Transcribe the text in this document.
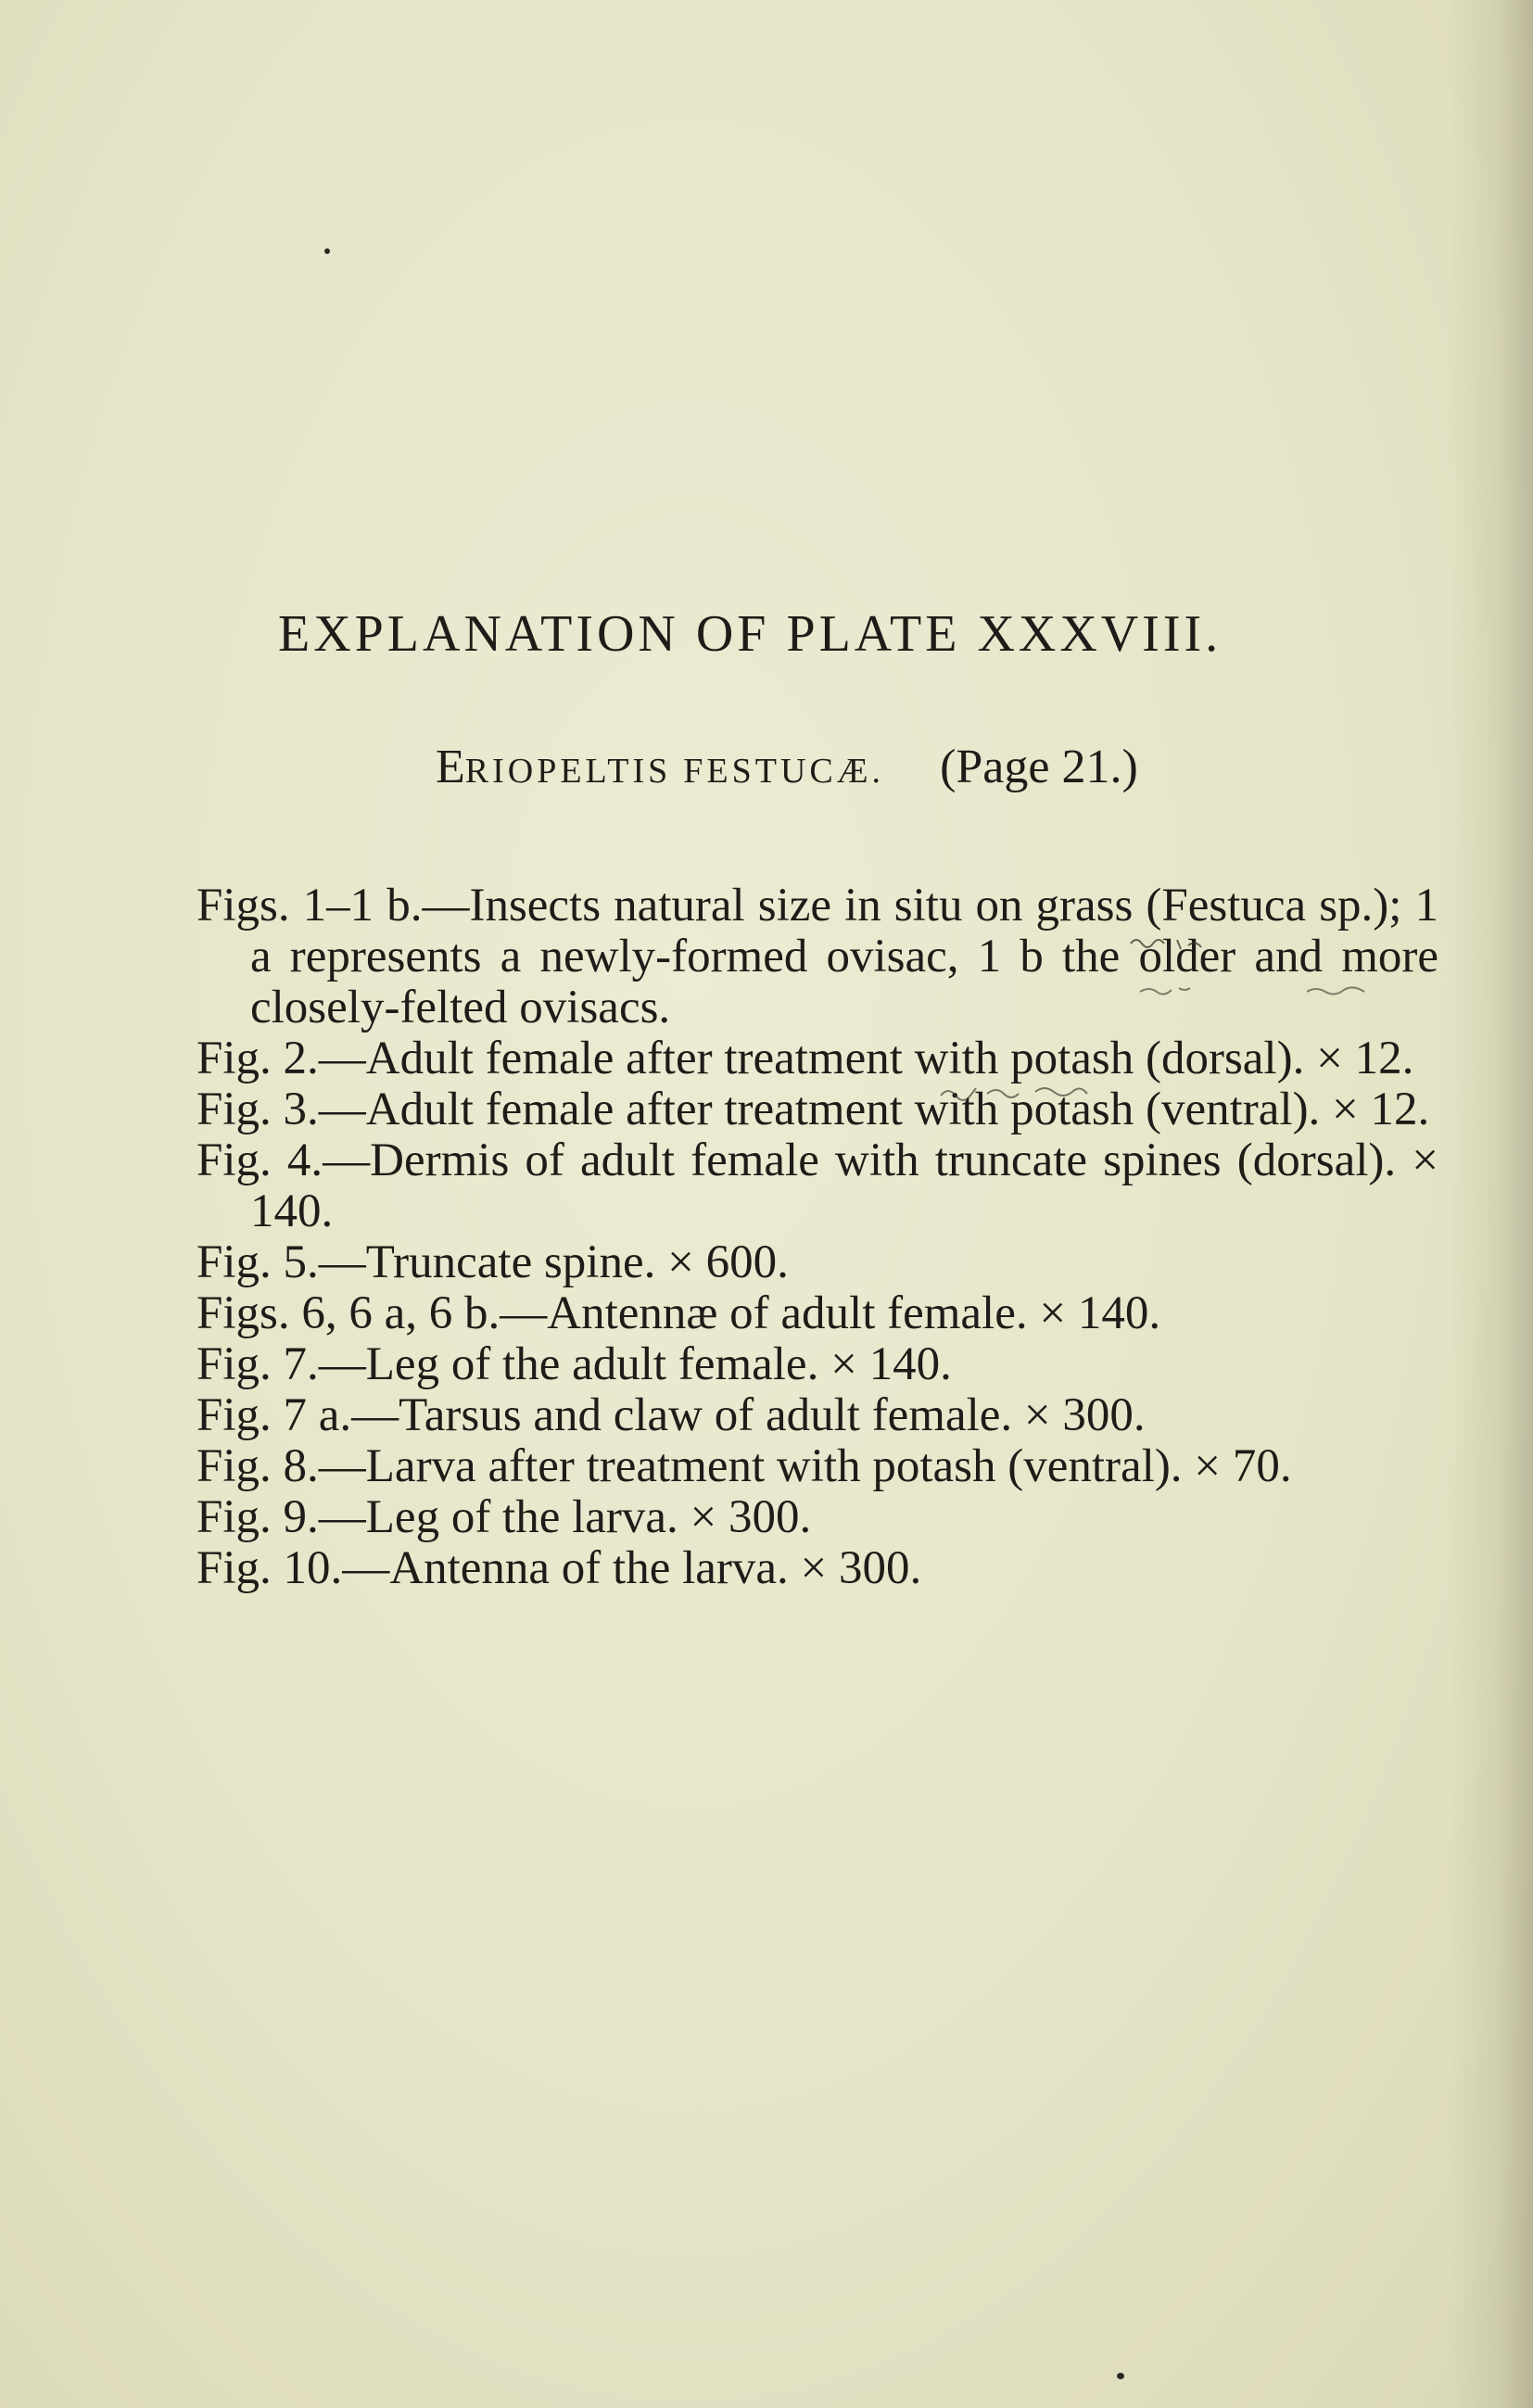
EXPLANATION OF PLATE XXXVIII.
ERIOPELTIS FESTUCÆ. (Page 21.)

Figs. 1–1 b.—Insects natural size in situ on grass (Festuca sp.); 1 a represents a newly-formed ovisac, 1 b the older and more closely-felted ovisacs.

Fig. 2.—Adult female after treatment with potash (dorsal). × 12.

Fig. 3.—Adult female after treatment with potash (ventral). × 12.

Fig. 4.—Dermis of adult female with truncate spines (dorsal). × 140.

Fig. 5.—Truncate spine. × 600.

Figs. 6, 6 a, 6 b.—Antennæ of adult female. × 140.

Fig. 7.—Leg of the adult female. × 140.

Fig. 7 a.—Tarsus and claw of adult female. × 300.

Fig. 8.—Larva after treatment with potash (ventral). × 70.

Fig. 9.—Leg of the larva. × 300.

Fig. 10.—Antenna of the larva. × 300.
